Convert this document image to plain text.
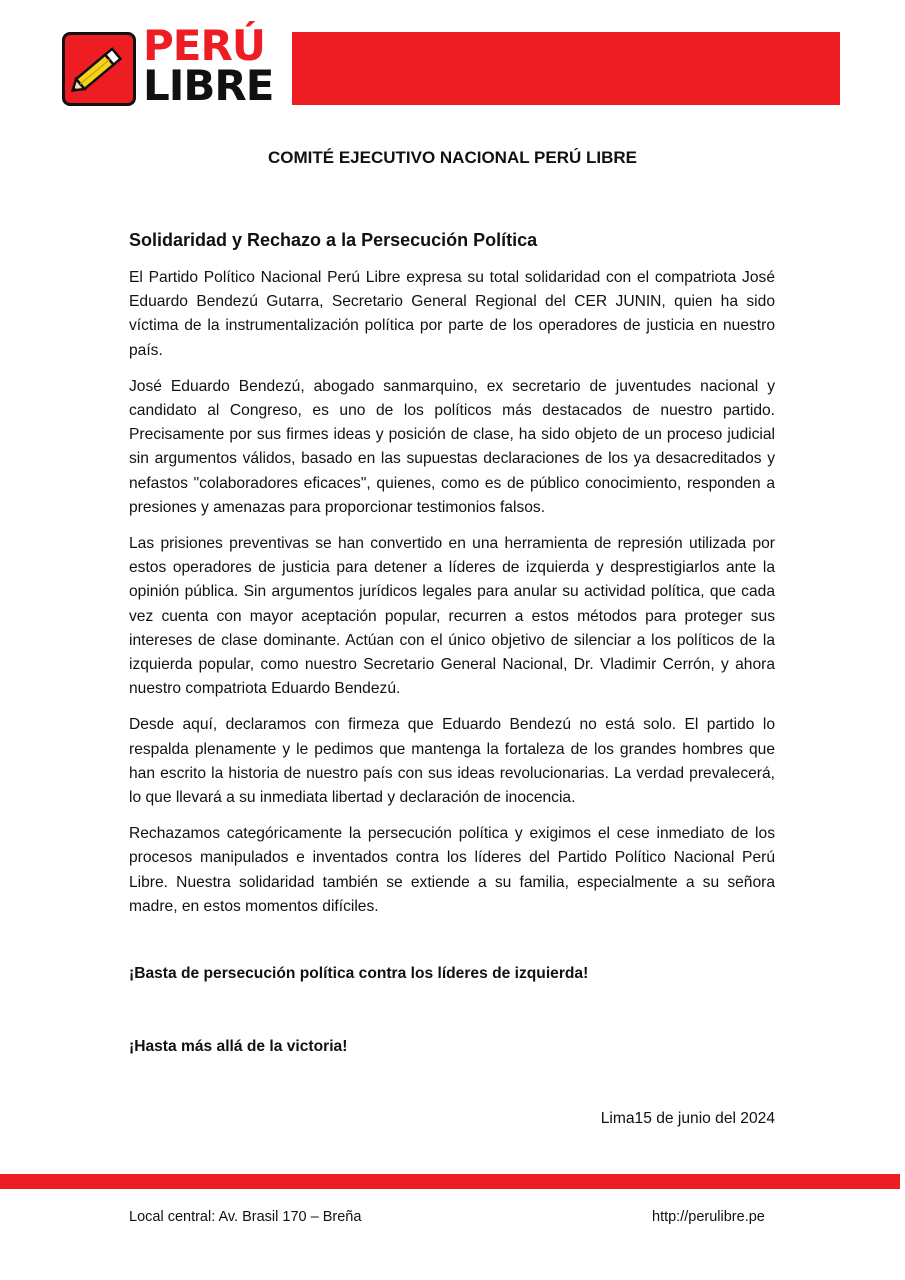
PERÚ
LIBRE
COMITÉ EJECUTIVO NACIONAL PERÚ LIBRE
Solidaridad y Rechazo a la Persecución Política

El Partido Político Nacional Perú Libre expresa su total solidaridad con el compatriota José Eduardo Bendezú Gutarra, Secretario General Regional del CER JUNIN, quien ha sido víctima de la instrumentalización política por parte de los operadores de justicia en nuestro país.

José Eduardo Bendezú, abogado sanmarquino, ex secretario de juventudes nacional y candidato al Congreso, es uno de los políticos más destacados de nuestro partido. Precisamente por sus firmes ideas y posición de clase, ha sido objeto de un proceso judicial sin argumentos válidos, basado en las supuestas declaraciones de los ya desacreditados y nefastos "colaboradores eficaces", quienes, como es de público conocimiento, responden a presiones y amenazas para proporcionar testimonios falsos.

Las prisiones preventivas se han convertido en una herramienta de represión utilizada por estos operadores de justicia para detener a líderes de izquierda y desprestigiarlos ante la opinión pública. Sin argumentos jurídicos legales para anular su actividad política, que cada vez cuenta con mayor aceptación popular, recurren a estos métodos para proteger sus intereses de clase dominante. Actúan con el único objetivo de silenciar a los políticos de la izquierda popular, como nuestro Secretario General Nacional, Dr. Vladimir Cerrón, y ahora nuestro compatriota Eduardo Bendezú.

Desde aquí, declaramos con firmeza que Eduardo Bendezú no está solo. El partido lo respalda plenamente y le pedimos que mantenga la fortaleza de los grandes hombres que han escrito la historia de nuestro país con sus ideas revolucionarias. La verdad prevalecerá, lo que llevará a su inmediata libertad y declaración de inocencia.

Rechazamos categóricamente la persecución política y exigimos el cese inmediato de los procesos manipulados e inventados contra los líderes del Partido Político Nacional Perú Libre. Nuestra solidaridad también se extiende a su familia, especialmente a su señora madre, en estos momentos difíciles.

¡Basta de persecución política contra los líderes de izquierda!
¡Hasta más allá de la victoria!
Lima15 de junio del 2024
Local central: Av. Brasil 170 – Breña	http://perulibre.pe
